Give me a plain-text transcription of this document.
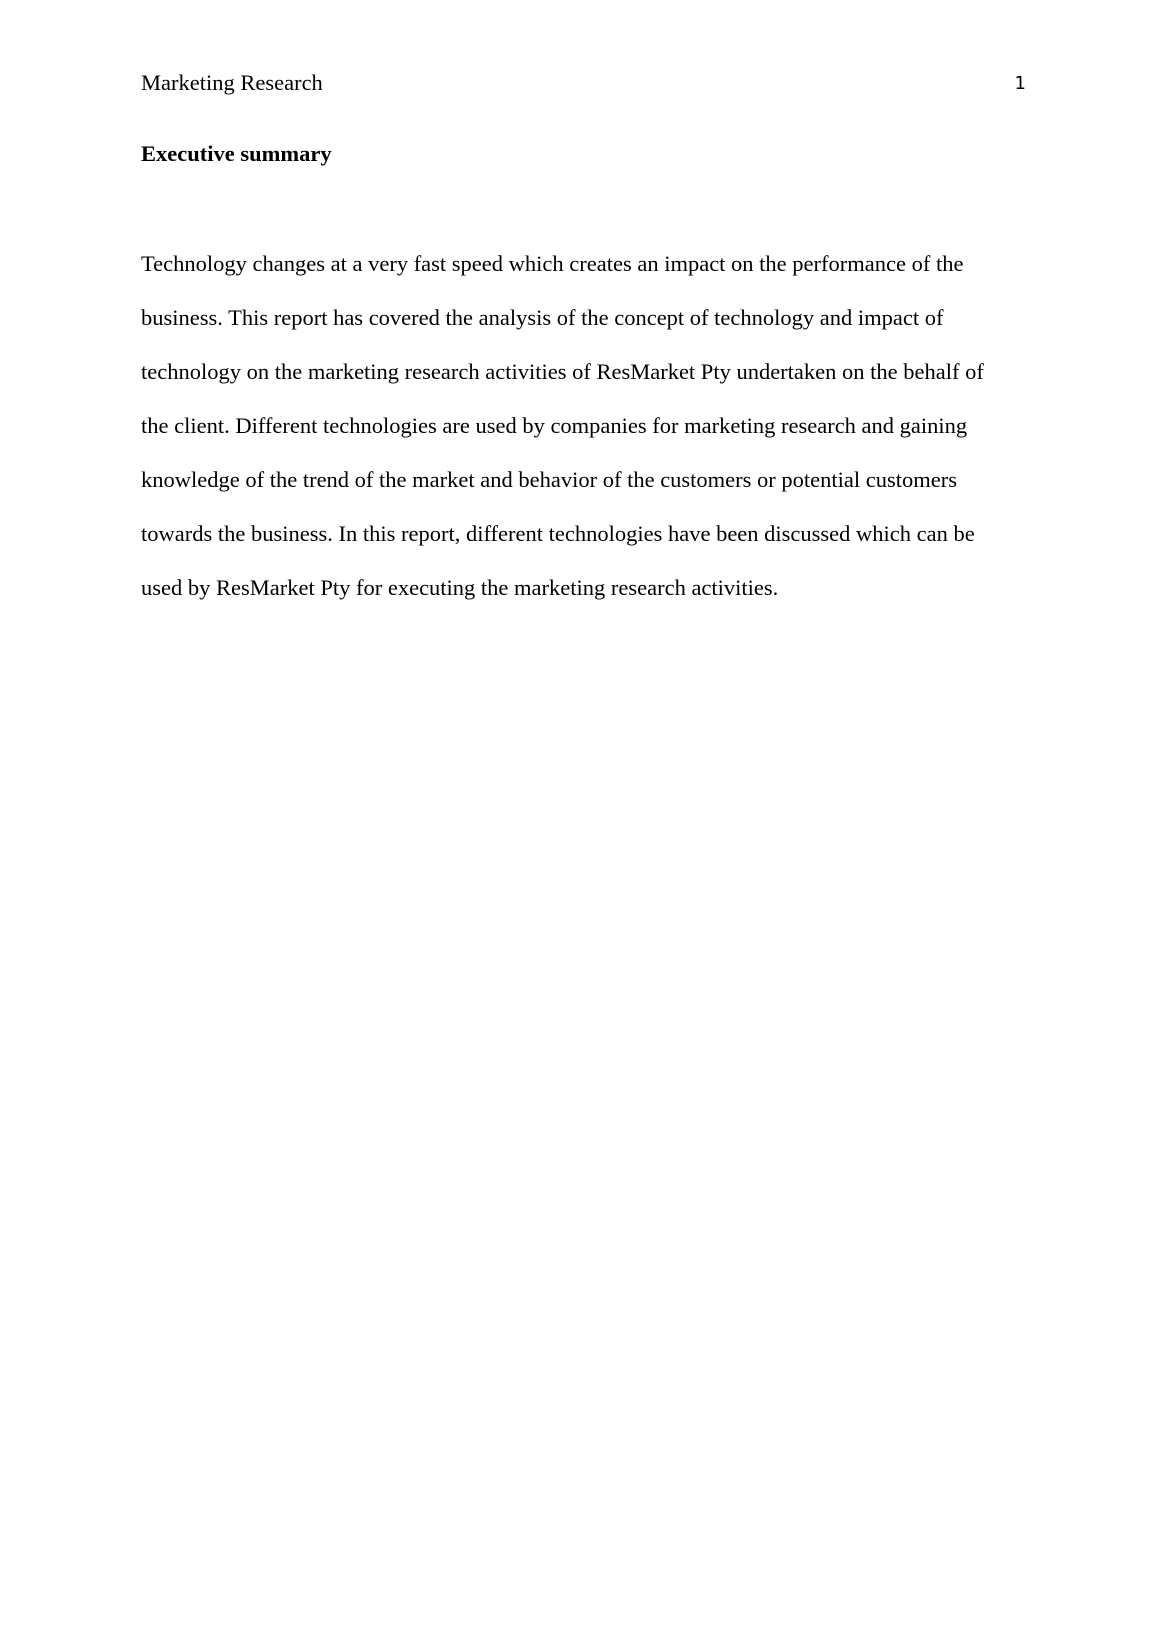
Marketing Research	1
Executive summary

Technology changes at a very fast speed which creates an impact on the performance of the
business. This report has covered the analysis of the concept of technology and impact of
technology on the marketing research activities of ResMarket Pty undertaken on the behalf of
the client. Different technologies are used by companies for marketing research and gaining
knowledge of the trend of the market and behavior of the customers or potential customers
towards the business. In this report, different technologies have been discussed which can be
used by ResMarket Pty for executing the marketing research activities.
